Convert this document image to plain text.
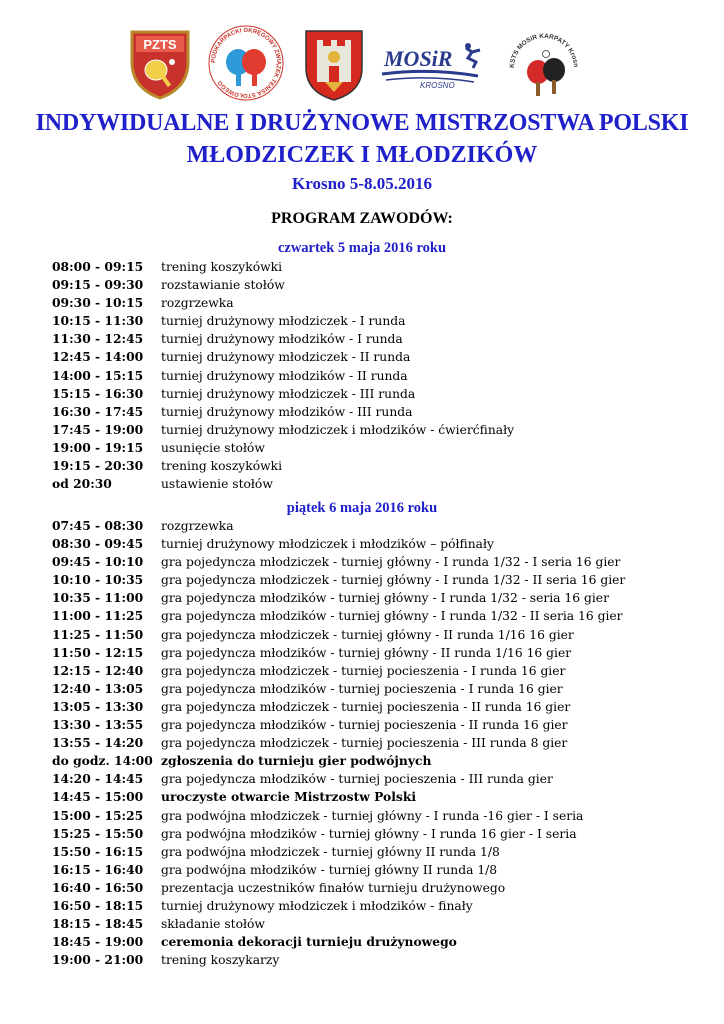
PZTS
PODKARPACKI OKRĘGOWY ZWIĄZEK TENISA STOŁOWEGO
MOSiR
KROSNO
KSTS MOSiR KARPATY Krosn
INDYWIDUALNE I DRUŻYNOWE MISTRZOSTWA POLSKI
MŁODZICZEK I MŁODZIKÓW
Krosno 5-8.05.2016
PROGRAM ZAWODÓW:

czwartek 5 maja 2016 roku

08:00 - 09:15	trening koszykówki
09:15 - 09:30	rozstawianie stołów
09:30 - 10:15	rozgrzewka
10:15 - 11:30	turniej drużynowy młodziczek - I runda
11:30 - 12:45	turniej drużynowy młodzików - I runda
12:45 - 14:00	turniej drużynowy młodziczek - II runda
14:00 - 15:15	turniej drużynowy młodzików - II runda
15:15 - 16:30	turniej drużynowy młodziczek - III runda
16:30 - 17:45	turniej drużynowy młodzików - III runda
17:45 - 19:00	turniej drużynowy młodziczek i młodzików - ćwierćfinały
19:00 - 19:15	usunięcie stołów
19:15 - 20:30	trening koszykówki
od 20:30	ustawienie stołów

piątek 6 maja 2016 roku

07:45 - 08:30	rozgrzewka
08:30 - 09:45	turniej drużynowy młodziczek i młodzików – półfinały
09:45 - 10:10	gra pojedyncza młodziczek - turniej główny - I runda 1/32 - I seria 16 gier
10:10 - 10:35	gra pojedyncza młodziczek - turniej główny - I runda 1/32 - II seria 16 gier
10:35 - 11:00	gra pojedyncza młodzików - turniej główny - I runda 1/32 - seria 16 gier
11:00 - 11:25	gra pojedyncza młodzików - turniej główny - I runda 1/32 - II seria 16 gier
11:25 - 11:50	gra pojedyncza młodziczek - turniej główny - II runda 1/16 16 gier
11:50 - 12:15	gra pojedyncza młodzików - turniej główny - II runda 1/16 16 gier
12:15 - 12:40	gra pojedyncza młodziczek - turniej pocieszenia - I runda 16 gier
12:40 - 13:05	gra pojedyncza młodzików - turniej pocieszenia - I runda 16 gier
13:05 - 13:30	gra pojedyncza młodziczek - turniej pocieszenia - II runda 16 gier
13:30 - 13:55	gra pojedyncza młodzików - turniej pocieszenia - II runda 16 gier
13:55 - 14:20	gra pojedyncza młodziczek - turniej pocieszenia - III runda 8 gier
do godz. 14:00 zgłoszenia do turnieju gier podwójnych
14:20 - 14:45	gra pojedyncza młodzików - turniej pocieszenia - III runda gier
14:45 - 15:00	uroczyste otwarcie Mistrzostw Polski
15:00 - 15:25	gra podwójna młodziczek - turniej główny - I runda -16 gier - I seria
15:25 - 15:50	gra podwójna młodzików - turniej główny - I runda 16 gier - I seria
15:50 - 16:15	gra podwójna młodziczek - turniej główny II runda 1/8
16:15 - 16:40	gra podwójna młodzików - turniej główny II runda 1/8
16:40 - 16:50	prezentacja uczestników finałów turnieju drużynowego
16:50 - 18:15	turniej drużynowy młodziczek i młodzików - finały
18:15 - 18:45	składanie stołów
18:45 - 19:00	ceremonia dekoracji turnieju drużynowego
19:00 - 21:00	trening koszykarzy
